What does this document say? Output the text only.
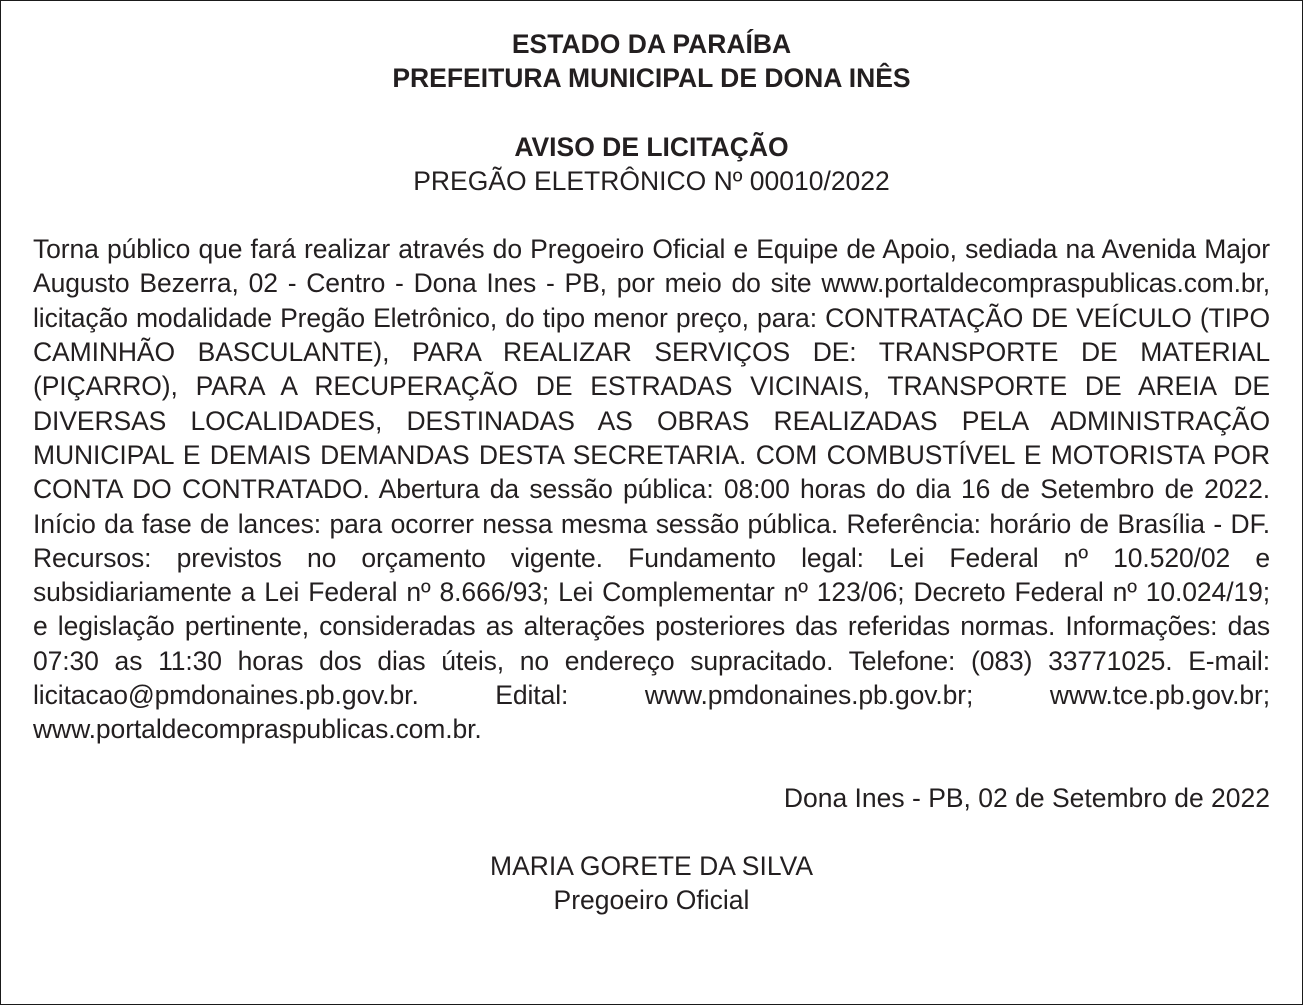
ESTADO DA PARAÍBA

PREFEITURA MUNICIPAL DE DONA INÊS

AVISO DE LICITAÇÃO

PREGÃO ELETRÔNICO Nº 00010/2022

Torna público que fará realizar através do Pregoeiro Oficial e Equipe de Apoio, sediada na Avenida Major Augusto Bezerra, 02 - Centro - Dona Ines - PB, por meio do site www.portaldecompraspublicas.com.br, licitação modalidade Pregão Eletrônico, do tipo menor preço, para: CONTRATAÇÃO DE VEÍCULO (TIPO CAMINHÃO BASCULANTE), PARA REALIZAR SERVIÇOS DE: TRANSPORTE DE MATERIAL (PIÇARRO), PARA A RECUPERAÇÃO DE ESTRADAS VICINAIS, TRANSPORTE DE AREIA DE DIVERSAS LOCALIDADES, DESTINADAS AS OBRAS REALIZADAS PELA ADMINISTRAÇÃO MUNICIPAL E DEMAIS DEMANDAS DESTA SECRETARIA. COM COMBUSTÍVEL E MOTORISTA POR CONTA DO CONTRATADO. Abertura da sessão pública: 08:00 horas do dia 16 de Setembro de 2022. Início da fase de lances: para ocorrer nessa mesma sessão pública. Referência: horário de Brasília - DF. Recursos: previstos no orçamento vigente. Fundamento legal: Lei Federal nº 10.520/02 e subsidiariamente a Lei Federal nº 8.666/93; Lei Complementar nº 123/06; Decreto Federal nº 10.024/19; e legislação pertinente, consideradas as alterações posteriores das referidas normas. Informações: das 07:30 as 11:30 horas dos dias úteis, no endereço supracitado. Telefone: (083) 33771025. E-mail: licitacao@pmdonaines.pb.gov.br. Edital: www.pmdonaines.pb.gov.br; www.tce.pb.gov.br; www.portaldecompraspublicas.com.br.

Dona Ines - PB, 02 de Setembro de 2022

MARIA GORETE DA SILVA

Pregoeiro Oficial
